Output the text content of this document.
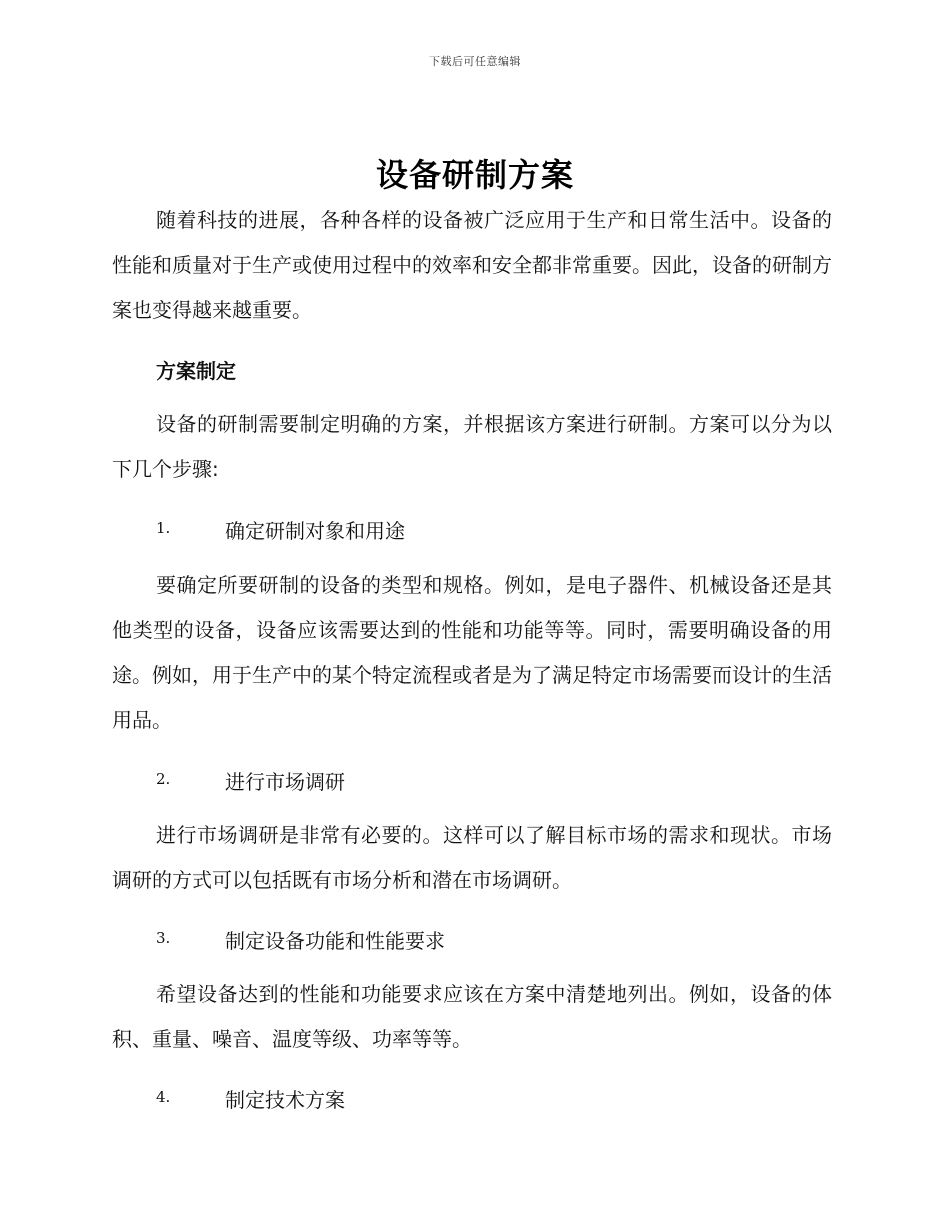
下载后可任意编辑
设备研制方案

随着科技的进展，各种各样的设备被广泛应用于生产和日常生活中。设备的性能和质量对于生产或使用过程中的效率和安全都非常重要。因此，设备的研制方案也变得越来越重要。

方案制定

设备的研制需要制定明确的方案，并根据该方案进行研制。方案可以分为以下几个步骤:

1.	确定研制对象和用途

要确定所要研制的设备的类型和规格。例如，是电子器件、机械设备还是其他类型的设备，设备应该需要达到的性能和功能等等。同时，需要明确设备的用途。例如，用于生产中的某个特定流程或者是为了满足特定市场需要而设计的生活用品。

2.	进行市场调研

进行市场调研是非常有必要的。这样可以了解目标市场的需求和现状。市场调研的方式可以包括既有市场分析和潜在市场调研。

3.	制定设备功能和性能要求

希望设备达到的性能和功能要求应该在方案中清楚地列出。例如，设备的体积、重量、噪音、温度等级、功率等等。

4.	制定技术方案
